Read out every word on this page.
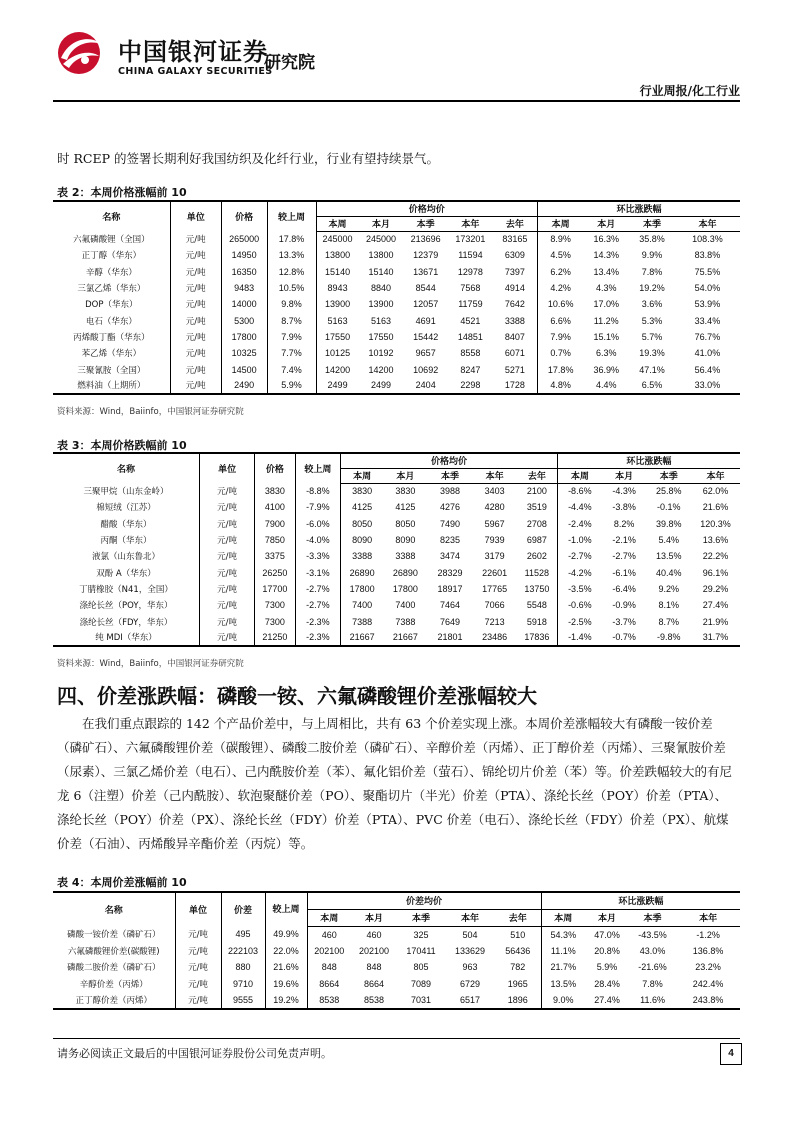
中国银河证券
CHINA GALAXY SECURITIES
研究院
行业周报/化工行业
时 RCEP 的签署长期利好我国纺织及化纤行业，行业有望持续景气。
表 2：本周价格涨幅前 10
名称	单位	价格	较上周	价格均价					环比涨跌幅			
				本周	本月	本季	本年	去年	本周	本月	本季	本年
六氟磷酸锂（全国）	元/吨	265000	17.8%	245000	245000	213696	173201	83165	8.9%	16.3%	35.8%	108.3%
正丁醇（华东）	元/吨	14950	13.3%	13800	13800	12379	11594	6309	4.5%	14.3%	9.9%	83.8%
辛醇（华东）	元/吨	16350	12.8%	15140	15140	13671	12978	7397	6.2%	13.4%	7.8%	75.5%
三氯乙烯（华东）	元/吨	9483	10.5%	8943	8840	8544	7568	4914	4.2%	4.3%	19.2%	54.0%
DOP（华东）	元/吨	14000	9.8%	13900	13900	12057	11759	7642	10.6%	17.0%	3.6%	53.9%
电石（华东）	元/吨	5300	8.7%	5163	5163	4691	4521	3388	6.6%	11.2%	5.3%	33.4%
丙烯酸丁酯（华东）	元/吨	17800	7.9%	17550	17550	15442	14851	8407	7.9%	15.1%	5.7%	76.7%
苯乙烯（华东）	元/吨	10325	7.7%	10125	10192	9657	8558	6071	0.7%	6.3%	19.3%	41.0%
三聚氰胺（全国）	元/吨	14500	7.4%	14200	14200	10692	8247	5271	17.8%	36.9%	47.1%	56.4%
燃料油（上期所）	元/吨	2490	5.9%	2499	2499	2404	2298	1728	4.8%	4.4%	6.5%	33.0%
资料来源：Wind，Baiinfo，中国银河证券研究院
表 3：本周价格跌幅前 10
名称	单位	价格	较上周	价格均价					环比涨跌幅			
				本周	本月	本季	本年	去年	本周	本月	本季	本年
三聚甲烷（山东金岭）	元/吨	3830	-8.8%	3830	3830	3988	3403	2100	-8.6%	-4.3%	25.8%	62.0%
棉短绒（江苏）	元/吨	4100	-7.9%	4125	4125	4276	4280	3519	-4.4%	-3.8%	-0.1%	21.6%
醋酸（华东）	元/吨	7900	-6.0%	8050	8050	7490	5967	2708	-2.4%	8.2%	39.8%	120.3%
丙酮（华东）	元/吨	7850	-4.0%	8090	8090	8235	7939	6987	-1.0%	-2.1%	5.4%	13.6%
液氯（山东鲁北）	元/吨	3375	-3.3%	3388	3388	3474	3179	2602	-2.7%	-2.7%	13.5%	22.2%
双酚 A（华东）	元/吨	26250	-3.1%	26890	26890	28329	22601	11528	-4.2%	-6.1%	40.4%	96.1%
丁腈橡胶（N41，全国）	元/吨	17700	-2.7%	17800	17800	18917	17765	13750	-3.5%	-6.4%	9.2%	29.2%
涤纶长丝（POY，华东）	元/吨	7300	-2.7%	7400	7400	7464	7066	5548	-0.6%	-0.9%	8.1%	27.4%
涤纶长丝（FDY，华东）	元/吨	7300	-2.3%	7388	7388	7649	7213	5918	-2.5%	-3.7%	8.7%	21.9%
纯 MDI（华东）	元/吨	21250	-2.3%	21667	21667	21801	23486	17836	-1.4%	-0.7%	-9.8%	31.7%
资料来源：Wind，Baiinfo，中国银河证券研究院
四、价差涨跌幅：磷酸一铵、六氟磷酸锂价差涨幅较大
在我们重点跟踪的 142 个产品价差中，与上周相比，共有 63 个价差实现上涨。本周价差涨幅较大有磷酸一铵价差（磷矿石）、六氟磷酸锂价差（碳酸锂）、磷酸二胺价差（磷矿石）、辛醇价差（丙烯）、正丁醇价差（丙烯）、三聚氰胺价差（尿素）、三氯乙烯价差（电石）、己内酰胺价差（苯）、氟化铝价差（萤石）、锦纶切片价差（苯）等。价差跌幅较大的有尼龙 6（注塑）价差（己内酰胺）、软泡聚醚价差（PO）、聚酯切片（半光）价差（PTA）、涤纶长丝（POY）价差（PTA）、涤纶长丝（POY）价差（PX）、涤纶长丝（FDY）价差（PTA）、PVC 价差（电石）、涤纶长丝（FDY）价差（PX）、航煤价差（石油）、丙烯酸异辛酯价差（丙烷）等。
表 4：本周价差涨幅前 10
名称	单位	价差	较上周	价差均价					环比涨跌幅			
				本周	本月	本季	本年	去年	本周	本月	本季	本年
磷酸一铵价差（磷矿石）	元/吨	495	49.9%	460	460	325	504	510	54.3%	47.0%	-43.5%	-1.2%
六氟磷酸锂价差(碳酸锂)	元/吨	222103	22.0%	202100	202100	170411	133629	56436	11.1%	20.8%	43.0%	136.8%
磷酸二胺价差（磷矿石）	元/吨	880	21.6%	848	848	805	963	782	21.7%	5.9%	-21.6%	23.2%
辛醇价差（丙烯）	元/吨	9710	19.6%	8664	8664	7089	6729	1965	13.5%	28.4%	7.8%	242.4%
正丁醇价差（丙烯）	元/吨	9555	19.2%	8538	8538	7031	6517	1896	9.0%	27.4%	11.6%	243.8%
请务必阅读正文最后的中国银河证券股份公司免责声明。	4
